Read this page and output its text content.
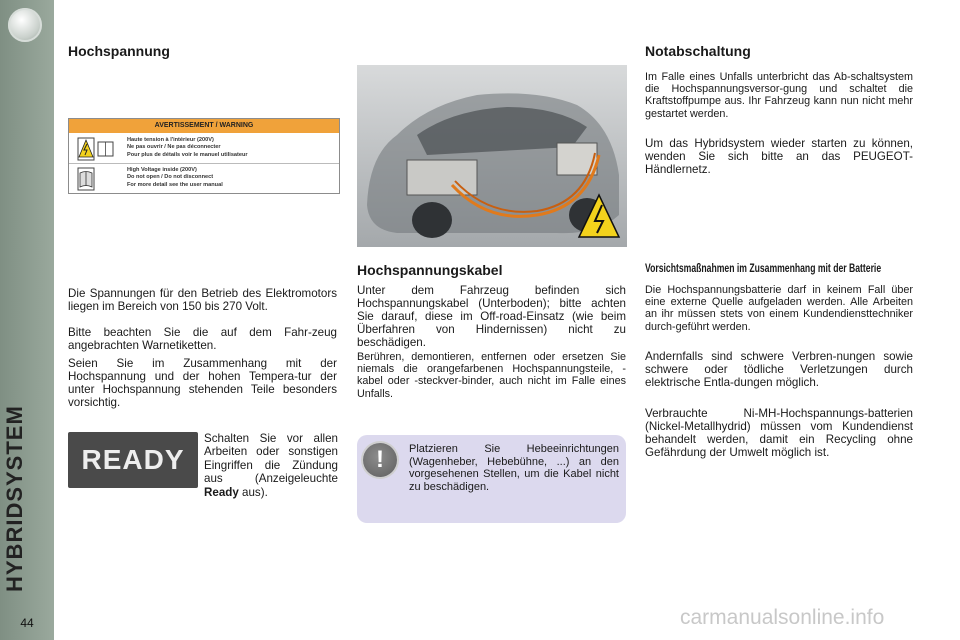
HYBRIDSYSTEM
44
Hochspannung
AVERTISSEMENT / WARNING
Haute tension à l'intérieur (200V)
Ne pas ouvrir / Ne pas déconnecter
Pour plus de détails voir le manuel utilisateur
High Voltage inside (200V)
Do not open / Do not disconnect
For more detail see the user manual

Die Spannungen für den Betrieb des Elektromotors liegen im Bereich von 150 bis 270 Volt.

Bitte beachten Sie die auf dem Fahr-zeug angebrachten Warnetiketten.

Seien Sie im Zusammenhang mit der Hochspannung und der hohen Tempera-tur der unter Hochspannung stehenden Teile besonders vorsichtig.

READY

Schalten Sie vor allen Arbeiten oder sonstigen Eingriffen die Zündung aus (Anzeigeleuchte Ready aus).

Hochspannungskabel

Unter dem Fahrzeug befinden sich Hochspannungskabel (Unterboden); bitte achten Sie darauf, diese im Off-road-Einsatz (wie beim Überfahren von Hindernissen) nicht zu beschädigen.

Berühren, demontieren, entfernen oder ersetzen Sie niemals die orangefarbenen Hochspannungsteile, -kabel oder -steckver-binder, auch nicht im Falle eines Unfalls.

!	Platzieren Sie Hebeeinrichtungen (Wagenheber, Hebebühne, ...) an den vorgesehenen Stellen, um die Kabel nicht zu beschädigen.
Notabschaltung

Im Falle eines Unfalls unterbricht das Ab-schaltsystem die Hochspannungsversor-gung und schaltet die Kraftstoffpumpe aus. Ihr Fahrzeug kann nun nicht mehr gestartet werden.

Um das Hybridsystem wieder starten zu können, wenden Sie sich bitte an das PEUGEOT-Händlernetz.

Vorsichtsmaßnahmen im Zusammenhang mit der Batterie

Die Hochspannungsbatterie darf in keinem Fall über eine externe Quelle aufgeladen werden. Alle Arbeiten an ihr müssen stets von einem Kundendiensttechniker durch-geführt werden.

Andernfalls sind schwere Verbren-nungen sowie schwere oder tödliche Verletzungen durch elektrische Entla-dungen möglich.

Verbrauchte Ni-MH-Hochspannungs-batterien (Nickel-Metallhydrid) müssen vom Kundendienst behandelt werden, damit ein Recycling ohne Gefährdung der Umwelt möglich ist.

carmanualsonline.info
